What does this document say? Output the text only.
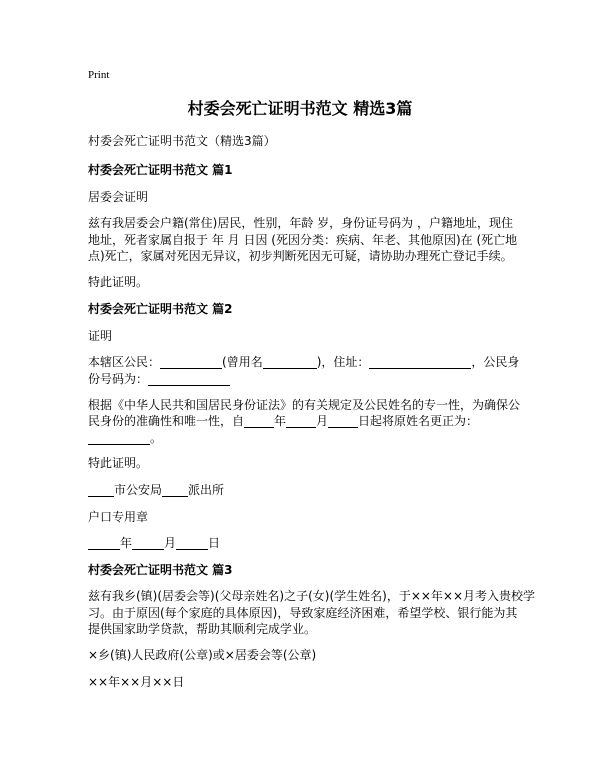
Print
村委会死亡证明书范文 精选3篇
村委会死亡证明书范文（精选3篇）
村委会死亡证明书范文 篇1
居委会证明
兹有我居委会户籍(常住)居民，性别，年龄 岁，身份证号码为 ，户籍地址，现住
地址，死者家属自报于 年 月 日因 (死因分类：疾病、年老、其他原因)在 (死亡地
点)死亡，家属对死因无异议，初步判断死因无可疑，请协助办理死亡登记手续。
特此证明。
村委会死亡证明书范文 篇2
证明
本辖区公民：	(曾用名	)，住址：	，公民身
份号码为：
根据《中华人民共和国居民身份证法》的有关规定及公民姓名的专一性，为确保公
民身份的准确性和唯一性，自	年	月	日起将原姓名更正为：
。
特此证明。
市公安局 派出所
户口专用章
年	月	日
村委会死亡证明书范文 篇3
兹有我乡(镇)(居委会等)(父母亲姓名)之子(女)(学生姓名)，于××年××月考入贵校学
习。由于原因(每个家庭的具体原因)，导致家庭经济困难，希望学校、银行能为其
提供国家助学贷款，帮助其顺利完成学业。
×乡(镇)人民政府(公章)或×居委会等(公章)
××年××月××日
